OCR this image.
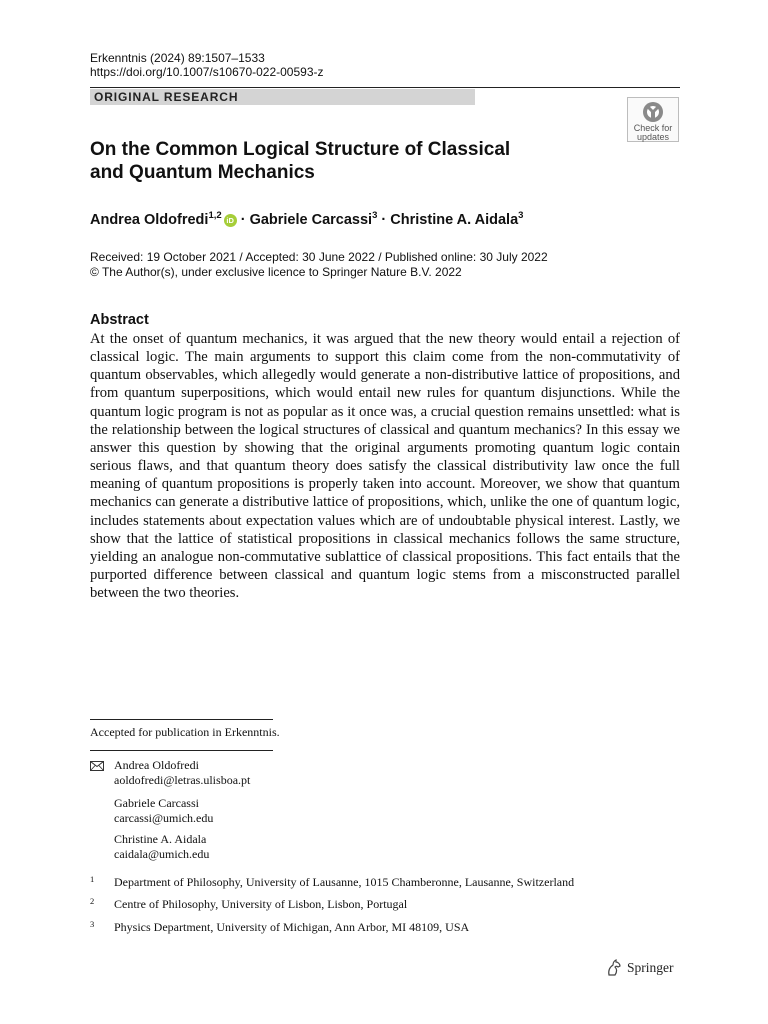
Erkenntnis (2024) 89:1507–1533
https://doi.org/10.1007/s10670-022-00593-z
ORIGINAL RESEARCH
Check for
updates
On the Common Logical Structure of Classical
and Quantum Mechanics
Andrea Oldofredi$^{1,2}$ iD · Gabriele Carcassi$^3$ · Christine A. Aidala$^3$
Received: 19 October 2021 / Accepted: 30 June 2022 / Published online: 30 July 2022
© The Author(s), under exclusive licence to Springer Nature B.V. 2022
Abstract

At the onset of quantum mechanics, it was argued that the new theory would entail a rejection of classical logic. The main arguments to support this claim come from the non-commutativity of quantum observables, which allegedly would generate a non-distributive lattice of propositions, and from quantum superpositions, which would entail new rules for quantum disjunctions. While the quantum logic program is not as popular as it once was, a crucial question remains unsettled: what is the relationship between the logical structures of classical and quantum mechanics? In this essay we answer this question by showing that the original arguments promoting quantum logic contain serious flaws, and that quantum theory does satisfy the classical distributivity law once the full meaning of quantum propositions is properly taken into account. Moreover, we show that quantum mechanics can generate a distributive lattice of propositions, which, unlike the one of quantum logic, includes statements about expectation values which are of undoubtable physical interest. Lastly, we show that the lattice of statistical propositions in classical mechanics follows the same structure, yielding an analogue non-commutative sublattice of classical propositions. This fact entails that the purported difference between classical and quantum logic stems from a misconstructed parallel between the two theories.

Accepted for publication in Erkenntnis.
Andrea Oldofredi
aoldofredi@letras.ulisboa.pt
Gabriele Carcassi
carcassi@umich.edu
Christine A. Aidala
caidala@umich.edu
1 Department of Philosophy, University of Lausanne, 1015 Chamberonne, Lausanne, Switzerland
2 Centre of Philosophy, University of Lisbon, Lisbon, Portugal
3 Physics Department, University of Michigan, Ann Arbor, MI 48109, USA
Springer
